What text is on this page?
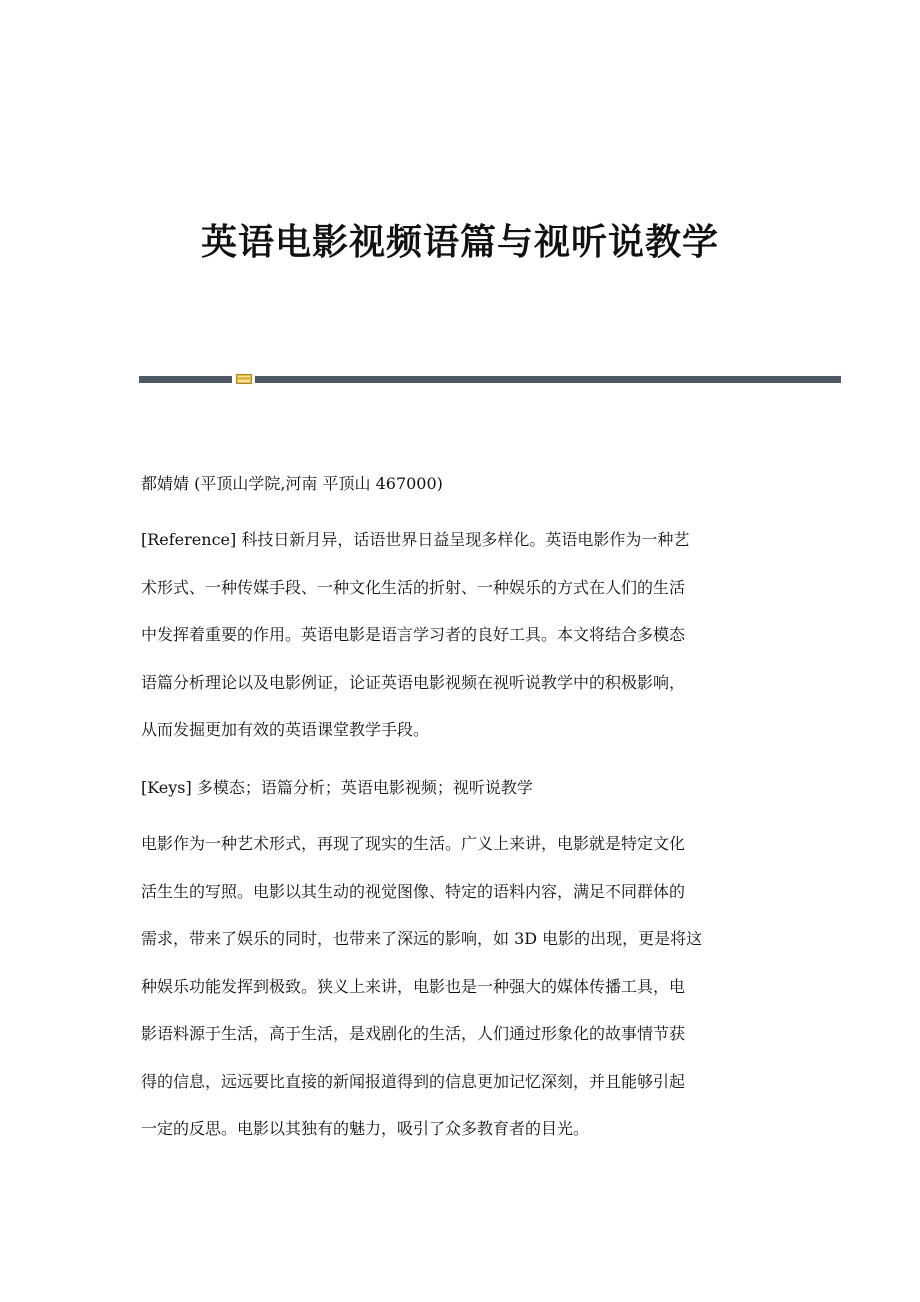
英语电影视频语篇与视听说教学
都婧婧 (平顶山学院,河南 平顶山 467000)
[Reference] 科技日新月异，话语世界日益呈现多样化。英语电影作为一种艺
术形式、一种传媒手段、一种文化生活的折射、一种娱乐的方式在人们的生活
中发挥着重要的作用。英语电影是语言学习者的良好工具。本文将结合多模态
语篇分析理论以及电影例证，论证英语电影视频在视听说教学中的积极影响，
从而发掘更加有效的英语课堂教学手段。
[Keys] 多模态；语篇分析；英语电影视频；视听说教学
电影作为一种艺术形式，再现了现实的生活。广义上来讲，电影就是特定文化
活生生的写照。电影以其生动的视觉图像、特定的语料内容，满足不同群体的
需求，带来了娱乐的同时，也带来了深远的影响，如 3D 电影的出现，更是将这
种娱乐功能发挥到极致。狭义上来讲，电影也是一种强大的媒体传播工具，电
影语料源于生活，高于生活，是戏剧化的生活，人们通过形象化的故事情节获
得的信息，远远要比直接的新闻报道得到的信息更加记忆深刻，并且能够引起
一定的反思。电影以其独有的魅力，吸引了众多教育者的目光。
